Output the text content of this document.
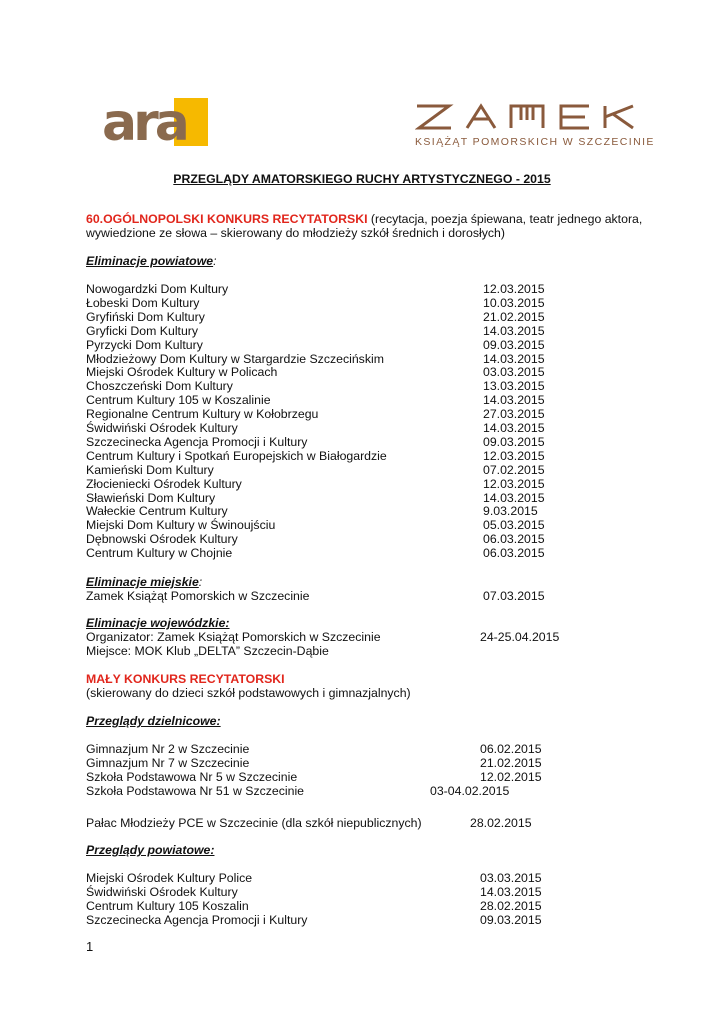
ara	KSIĄŻĄT POMORSKICH W SZCZECINIE
PRZEGLĄDY AMATORSKIEGO RUCHY ARTYSTYCZNEGO - 2015
60.OGÓLNOPOLSKI KONKURS RECYTATORSKI (recytacja, poezja śpiewana, teatr jednego aktora,
wywiedzione ze słowa – skierowany do młodzieży szkół średnich i dorosłych)
Eliminacje powiatowe:
Nowogardzki Dom Kultury	12.03.2015
Łobeski Dom Kultury	10.03.2015
Gryfiński Dom Kultury	21.02.2015
Gryficki Dom Kultury	14.03.2015
Pyrzycki Dom Kultury	09.03.2015
Młodzieżowy Dom Kultury w Stargardzie Szczecińskim	14.03.2015
Miejski Ośrodek Kultury w Policach	03.03.2015
Choszczeński Dom Kultury	13.03.2015
Centrum Kultury 105 w Koszalinie	14.03.2015
Regionalne Centrum Kultury w Kołobrzegu	27.03.2015
Świdwiński Ośrodek Kultury	14.03.2015
Szczecinecka Agencja Promocji i Kultury	09.03.2015
Centrum Kultury i Spotkań Europejskich w Białogardzie	12.03.2015
Kamieński Dom Kultury	07.02.2015
Złocieniecki Ośrodek Kultury	12.03.2015
Sławieński Dom Kultury	14.03.2015
Wałeckie Centrum Kultury	9.03.2015
Miejski Dom Kultury w Świnoujściu	05.03.2015
Dębnowski Ośrodek Kultury	06.03.2015
Centrum Kultury w Chojnie	06.03.2015
Eliminacje miejskie:
Zamek Książąt Pomorskich w Szczecinie	07.03.2015
Eliminacje wojewódzkie:
Organizator: Zamek Książąt Pomorskich w Szczecinie	24-25.04.2015
Miejsce: MOK Klub „DELTA” Szczecin-Dąbie
MAŁY KONKURS RECYTATORSKI
(skierowany do dzieci szkół podstawowych i gimnazjalnych)
Przeglądy dzielnicowe:
Gimnazjum Nr 2 w Szczecinie	06.02.2015
Gimnazjum Nr 7 w Szczecinie	21.02.2015
Szkoła Podstawowa Nr 5 w Szczecinie	12.02.2015
Szkoła Podstawowa Nr 51 w Szczecinie	03-04.02.2015
Pałac Młodzieży PCE w Szczecinie (dla szkół niepublicznych)	28.02.2015
Przeglądy powiatowe:
Miejski Ośrodek Kultury Police	03.03.2015
Świdwiński Ośrodek Kultury	14.03.2015
Centrum Kultury 105 Koszalin	28.02.2015
Szczecinecka Agencja Promocji i Kultury	09.03.2015
1
